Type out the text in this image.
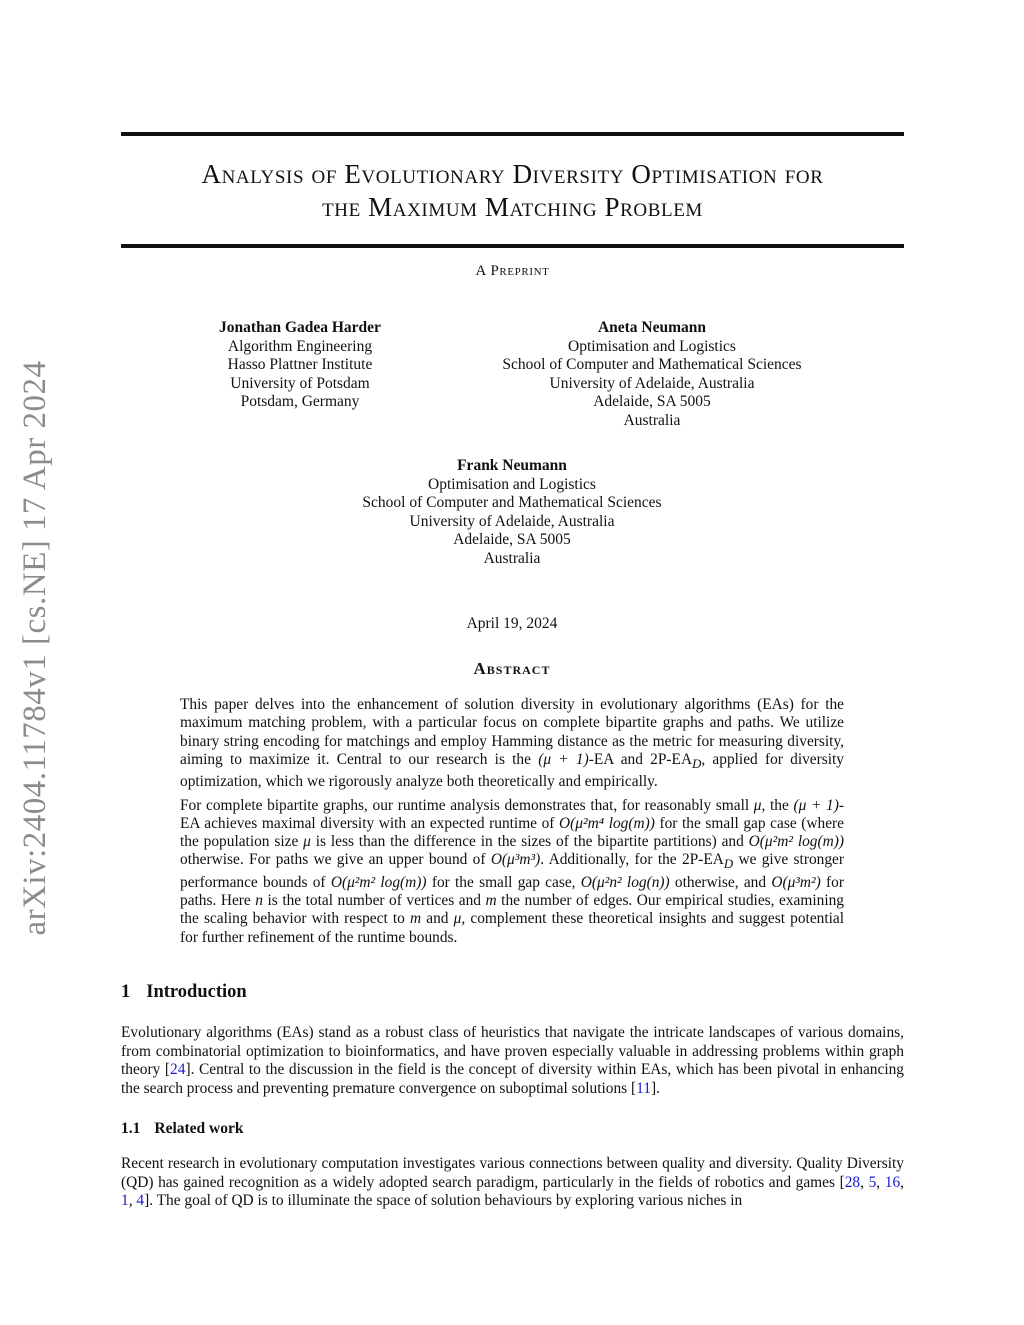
arXiv:2404.11784v1 [cs.NE] 17 Apr 2024
Analysis of Evolutionary Diversity Optimisation for
the Maximum Matching Problem
A Preprint
Jonathan Gadea Harder
Algorithm Engineering
Hasso Plattner Institute
University of Potsdam
Potsdam, Germany
Aneta Neumann
Optimisation and Logistics
School of Computer and Mathematical Sciences
University of Adelaide, Australia
Adelaide, SA 5005
Australia
Frank Neumann
Optimisation and Logistics
School of Computer and Mathematical Sciences
University of Adelaide, Australia
Adelaide, SA 5005
Australia
April 19, 2024
Abstract

This paper delves into the enhancement of solution diversity in evolutionary algorithms (EAs) for the maximum matching problem, with a particular focus on complete bipartite graphs and paths. We utilize binary string encoding for matchings and employ Hamming distance as the metric for measuring diversity, aiming to maximize it. Central to our research is the (μ + 1)-EA and $2P-EA_D$, applied for diversity optimization, which we rigorously analyze both theoretically and empirically.

For complete bipartite graphs, our runtime analysis demonstrates that, for reasonably small μ, the (μ + 1)-EA achieves maximal diversity with an expected runtime of O(μ²m⁴ log(m)) for the small gap case (where the population size μ is less than the difference in the sizes of the bipartite partitions) and O(μ²m² log(m)) otherwise. For paths we give an upper bound of O(μ³m³). Additionally, for the $2P-EA_D$ we give stronger performance bounds of O(μ²m² log(m)) for the small gap case, O(μ²n² log(n)) otherwise, and O(μ³m²) for paths. Here n is the total number of vertices and m the number of edges. Our empirical studies, examining the scaling behavior with respect to m and μ, complement these theoretical insights and suggest potential for further refinement of the runtime bounds.

1 Introduction
Evolutionary algorithms (EAs) stand as a robust class of heuristics that navigate the intricate landscapes of various domains, from combinatorial optimization to bioinformatics, and have proven especially valuable in addressing problems within graph theory [24]. Central to the discussion in the field is the concept of diversity within EAs, which has been pivotal in enhancing the search process and preventing premature convergence on suboptimal solutions [11].
1.1 Related work
Recent research in evolutionary computation investigates various connections between quality and diversity. Quality Diversity (QD) has gained recognition as a widely adopted search paradigm, particularly in the fields of robotics and games [28, 5, 16, 1, 4]. The goal of QD is to illuminate the space of solution behaviours by exploring various niches in
